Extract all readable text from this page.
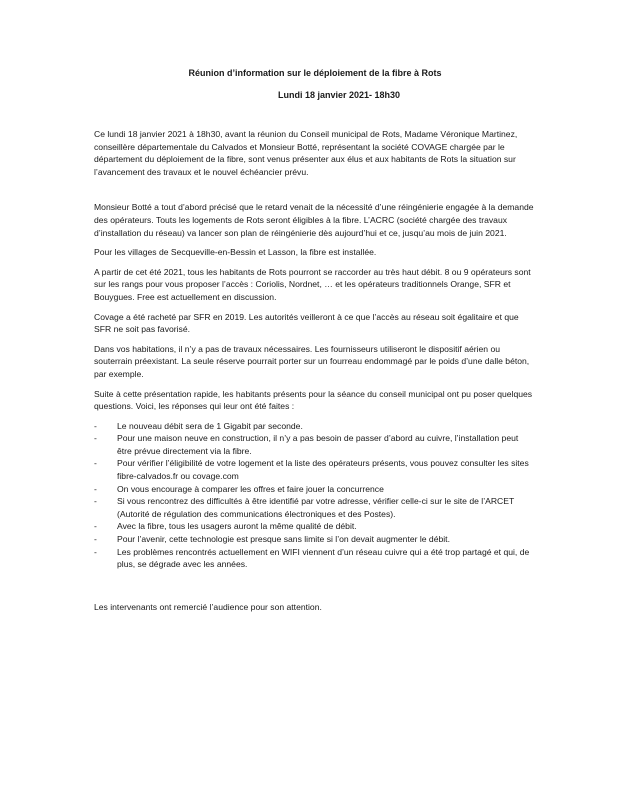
Réunion d’information sur le déploiement de la fibre à Rots
Lundi 18 janvier 2021- 18h30

Ce lundi 18 janvier 2021 à 18h30, avant la réunion du Conseil municipal de Rots, Madame Véronique Martinez, conseillère départementale du Calvados et Monsieur Botté, représentant la société COVAGE chargée par le département du déploiement de la fibre, sont venus présenter aux élus et aux habitants de Rots la situation sur l’avancement des travaux et le nouvel échéancier prévu.

Monsieur Botté a tout d’abord précisé que le retard venait de la nécessité d’une réingénierie engagée à la demande des opérateurs. Touts les logements de Rots seront éligibles à la fibre. L’ACRC (société chargée des travaux d’installation du réseau) va lancer son plan de réingénierie dès aujourd’hui et ce, jusqu’au mois de juin 2021.

Pour les villages de Secqueville-en-Bessin et Lasson, la fibre est installée.

A partir de cet été 2021, tous les habitants de Rots pourront se raccorder au très haut débit. 8 ou 9 opérateurs sont sur les rangs pour vous proposer l’accès : Coriolis, Nordnet, … et les opérateurs traditionnels Orange, SFR et Bouygues. Free est actuellement en discussion.

Covage a été racheté par SFR en 2019. Les autorités veilleront à ce que l’accès au réseau soit égalitaire et que SFR ne soit pas favorisé.

Dans vos habitations, il n’y a pas de travaux nécessaires. Les fournisseurs utiliseront le dispositif aérien ou souterrain préexistant. La seule réserve pourrait porter sur un fourreau endommagé par le poids d’une dalle béton, par exemple.

Suite à cette présentation rapide, les habitants présents pour la séance du conseil municipal ont pu poser quelques questions. Voici, les réponses qui leur ont été faites :

- Le nouveau débit sera de 1 Gigabit par seconde.
- Pour une maison neuve en construction, il n’y a pas besoin de passer d’abord au cuivre, l’installation peut être prévue directement via la fibre.
- Pour vérifier l’éligibilité de votre logement et la liste des opérateurs présents, vous pouvez consulter les sites fibre-calvados.fr ou covage.com
- On vous encourage à comparer les offres et faire jouer la concurrence
- Si vous rencontrez des difficultés à être identifié par votre adresse, vérifier celle-ci sur le site de l’ARCET (Autorité de régulation des communications électroniques et des Postes).
- Avec la fibre, tous les usagers auront la même qualité de débit.
- Pour l’avenir, cette technologie est presque sans limite si l’on devait augmenter le débit.
- Les problèmes rencontrés actuellement en WIFI viennent d’un réseau cuivre qui a été trop partagé et qui, de plus, se dégrade avec les années.

Les intervenants ont remercié l’audience pour son attention.
